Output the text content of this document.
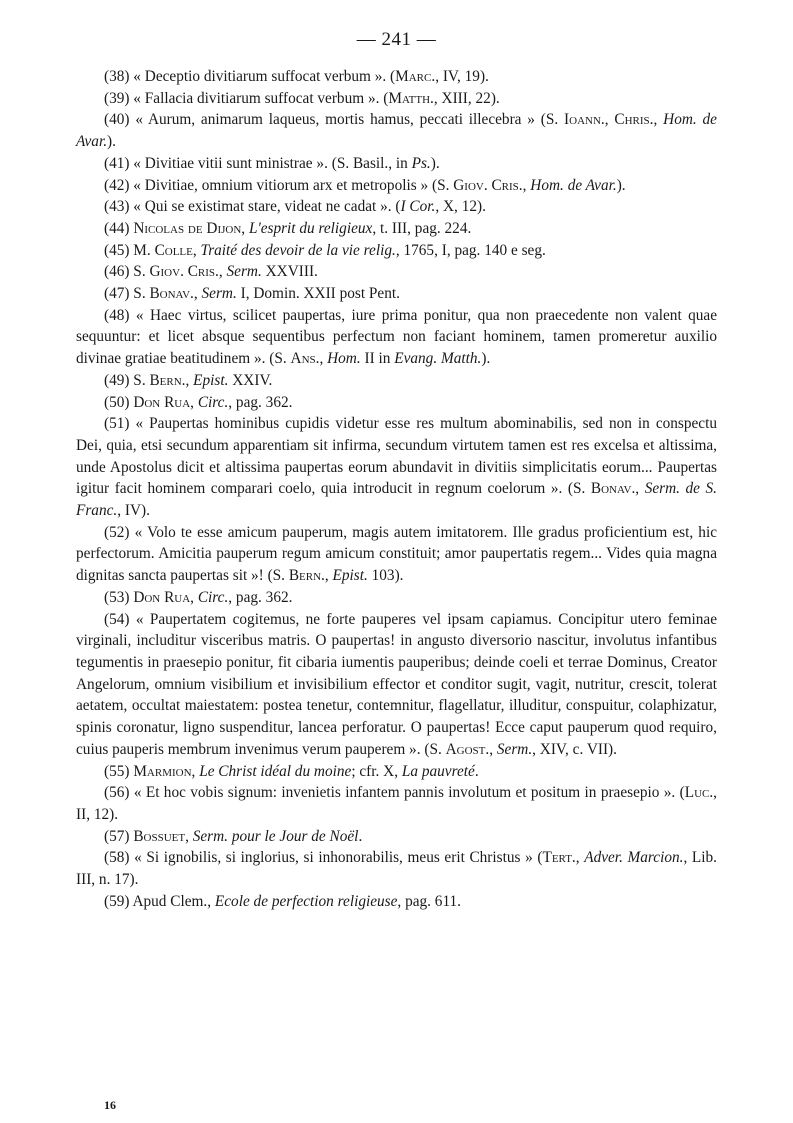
— 241 —

(38) « Deceptio divitiarum suffocat verbum ». (Marc., IV, 19).

(39) « Fallacia divitiarum suffocat verbum ». (Matth., XIII, 22).

(40) « Aurum, animarum laqueus, mortis hamus, peccati illecebra » (S. Ioann., Chris., Hom. de Avar.).

(41) « Divitiae vitii sunt ministrae ». (S. Basil., in Ps.).

(42) « Divitiae, omnium vitiorum arx et metropolis » (S. Giov. Cris., Hom. de Avar.).

(43) « Qui se existimat stare, videat ne cadat ». (I Cor., X, 12).

(44) Nicolas de Dijon, L'esprit du religieux, t. III, pag. 224.

(45) M. Colle, Traité des devoir de la vie relig., 1765, I, pag. 140 e seg.

(46) S. Giov. Cris., Serm. XXVIII.

(47) S. Bonav., Serm. I, Domin. XXII post Pent.

(48) « Haec virtus, scilicet paupertas, iure prima ponitur, qua non praecedente non valent quae sequuntur: et licet absque sequentibus perfectum non faciant hominem, tamen promeretur auxilio divinae gratiae beatitudinem ». (S. Ans., Hom. II in Evang. Matth.).

(49) S. Bern., Epist. XXIV.

(50) Don Rua, Circ., pag. 362.

(51) « Paupertas hominibus cupidis videtur esse res multum abominabilis, sed non in conspectu Dei, quia, etsi secundum apparentiam sit infirma, secundum virtutem tamen est res excelsa et altissima, unde Apostolus dicit et altissima paupertas eorum abundavit in divitiis simplicitatis eorum... Paupertas igitur facit hominem comparari coelo, quia introducit in regnum coelorum ». (S. Bonav., Serm. de S. Franc., IV).

(52) « Volo te esse amicum pauperum, magis autem imitatorem. Ille gradus proficientium est, hic perfectorum. Amicitia pauperum regum amicum constituit; amor paupertatis regem... Vides quia magna dignitas sancta paupertas sit »! (S. Bern., Epist. 103).

(53) Don Rua, Circ., pag. 362.

(54) « Paupertatem cogitemus, ne forte pauperes vel ipsam capiamus. Concipitur utero feminae virginali, includitur visceribus matris. O paupertas! in angusto diversorio nascitur, involutus infantibus tegumentis in praesepio ponitur, fit cibaria iumentis pauperibus; deinde coeli et terrae Dominus, Creator Angelorum, omnium visibilium et invisibilium effector et conditor sugit, vagit, nutritur, crescit, tolerat aetatem, occultat maiestatem: postea tenetur, contemnitur, flagellatur, illuditur, conspuitur, colaphizatur, spinis coronatur, ligno suspenditur, lancea perforatur. O paupertas! Ecce caput pauperum quod requiro, cuius pauperis membrum invenimus verum pauperem ». (S. Agost., Serm., XIV, c. VII).

(55) Marmion, Le Christ idéal du moine; cfr. X, La pauvreté.

(56) « Et hoc vobis signum: invenietis infantem pannis involutum et positum in praesepio ». (Luc., II, 12).

(57) Bossuet, Serm. pour le Jour de Noël.

(58) « Si ignobilis, si inglorius, si inhonorabilis, meus erit Christus » (Tert., Adver. Marcion., Lib. III, n. 17).

(59) Apud Clem., Ecole de perfection religieuse, pag. 611.

16
